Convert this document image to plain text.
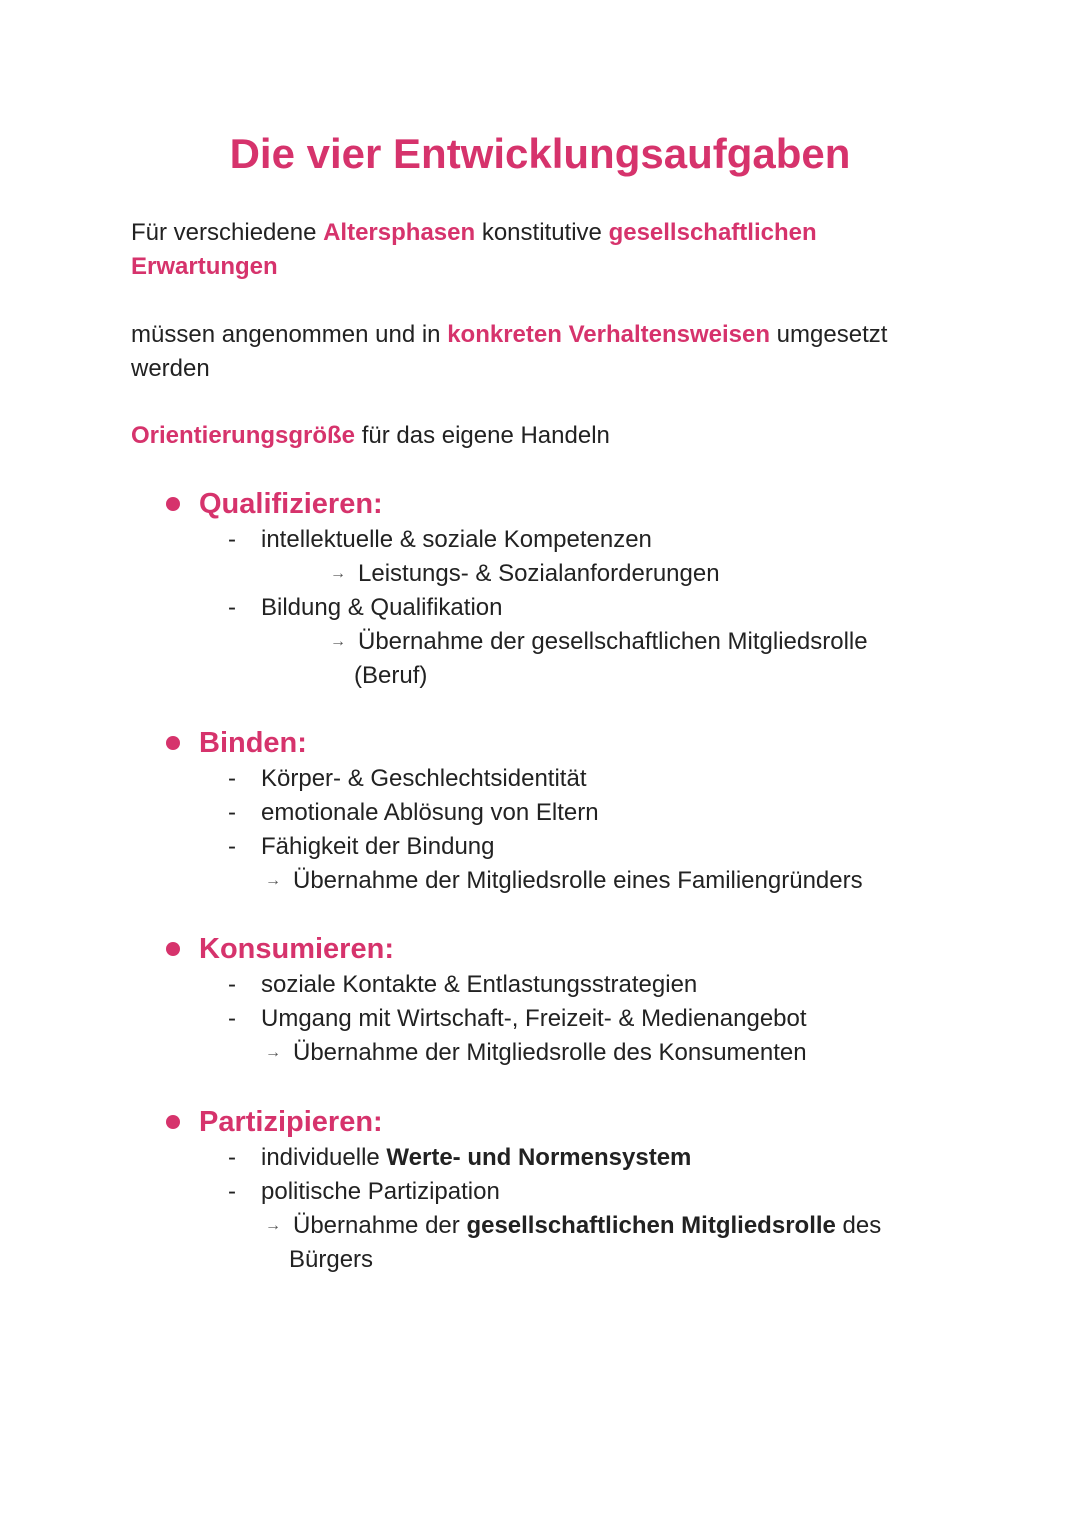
Die vier Entwicklungsaufgaben

Für verschiedene Altersphasen konstitutive gesellschaftlichen Erwartungen

müssen angenommen und in konkreten Verhaltensweisen umgesetzt werden

Orientierungsgröße für das eigene Handeln

Qualifizieren:
- intellektuelle & soziale Kompetenzen
→ Leistungs- & Sozialanforderungen
- Bildung & Qualifikation
→ Übernahme der gesellschaftlichen Mitgliedsrolle
(Beruf)
Binden:
- Körper- & Geschlechtsidentität
- emotionale Ablösung von Eltern
- Fähigkeit der Bindung
→ Übernahme der Mitgliedsrolle eines Familiengründers
Konsumieren:
- soziale Kontakte & Entlastungsstrategien
- Umgang mit Wirtschaft-, Freizeit- & Medienangebot
→ Übernahme der Mitgliedsrolle des Konsumenten
Partizipieren:
- individuelle Werte- und Normensystem
- politische Partizipation
→ Übernahme der gesellschaftlichen Mitgliedsrolle des
Bürgers
